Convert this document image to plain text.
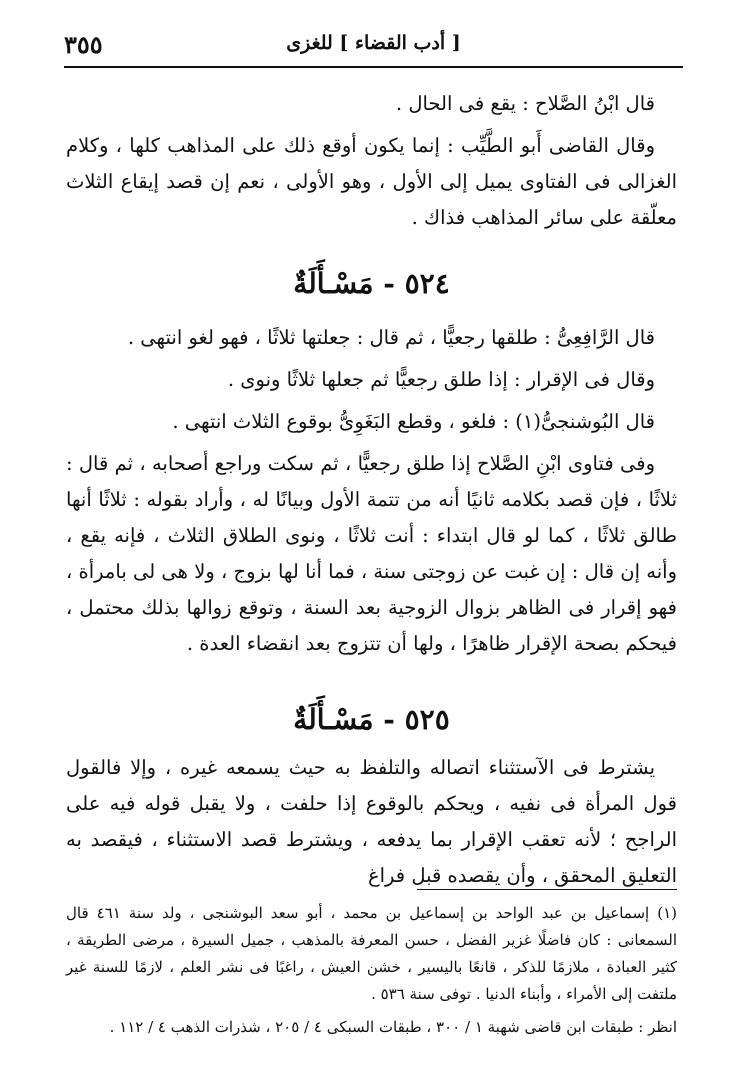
٣٥٥	[ أدب القضاء ] للغزى

قال ابْنُ الصَّلاح : يقع فى الحال .

وقال القاضى أَبو الطَّيِّب : إنما يكون أوقع ذلك على المذاهب كلها ، وكلام الغزالى فى الفتاوى يميل إلى الأول ، وهو الأولى ، نعم إن قصد إيقاع الثلاث معلّقة على سائر المذاهب فذاك .

٥٢٤ - مَسْـأَلَةٌ

قال الرَّافِعِىُّ : طلقها رجعيًّا ، ثم قال : جعلتها ثلاثًا ، فهو لغو انتهى .

وقال فى الإقرار : إذا طلق رجعيًّا ثم جعلها ثلاثًا ونوى .

قال البُوشنجىُّ(١) : فلغو ، وقطع البَغَوِىُّ بوقوع الثلاث انتهى .

وفى فتاوى ابْنِ الصَّلاح إذا طلق رجعيًّا ، ثم سكت وراجع أصحابه ، ثم قال : ثلاثًا ، فإن قصد بكلامه ثانيًا أنه من تتمة الأول وبيانًا له ، وأراد بقوله : ثلاثًا أنها طالق ثلاثًا ، كما لو قال ابتداء : أنت ثلاثًا ، ونوى الطلاق الثلاث ، فإنه يقع ، وأنه إن قال : إن غبت عن زوجتى سنة ، فما أنا لها بزوج ، ولا هى لى بامرأة ، فهو إقرار فى الظاهر بزوال الزوجية بعد السنة ، وتوقع زوالها بذلك محتمل ، فيحكم بصحة الإقرار ظاهرًا ، ولها أن تتزوج بعد انقضاء العدة .

٥٢٥ - مَسْـأَلَةٌ

يشترط فى الآستثناء اتصاله والتلفظ به حيث يسمعه غيره ، وإلا فالقول قول المرأة فى نفيه ، ويحكم بالوقوع إذا حلفت ، ولا يقبل قوله فيه على الراجح ؛ لأنه تعقب الإقرار بما يدفعه ، ويشترط قصد الاستثناء ، فيقصد به التعليق المحقق ، وأن يقصده قبل فراغ

(١) إسماعيل بن عبد الواحد بن إسماعيل بن محمد ، أبو سعد البوشنجى ، ولد سنة ٤٦١ قال السمعانى : كان فاضلًا غزير الفضل ، حسن المعرفة بالمذهب ، جميل السيرة ، مرضى الطريقة ، كثير العبادة ، ملازمًا للذكر ، قانعًا باليسير ، خشن العيش ، راغبًا فى نشر العلم ، لازمًا للسنة غير ملتفت إلى الأمراء ، وأبناء الدنيا . توفى سنة ٥٣٦ .

انظر : طبقات ابن قاضى شهبة ١ / ٣٠٠ ، طبقات السبكى ٤ / ٢٠٥ ، شذرات الذهب ٤ / ١١٢ .
